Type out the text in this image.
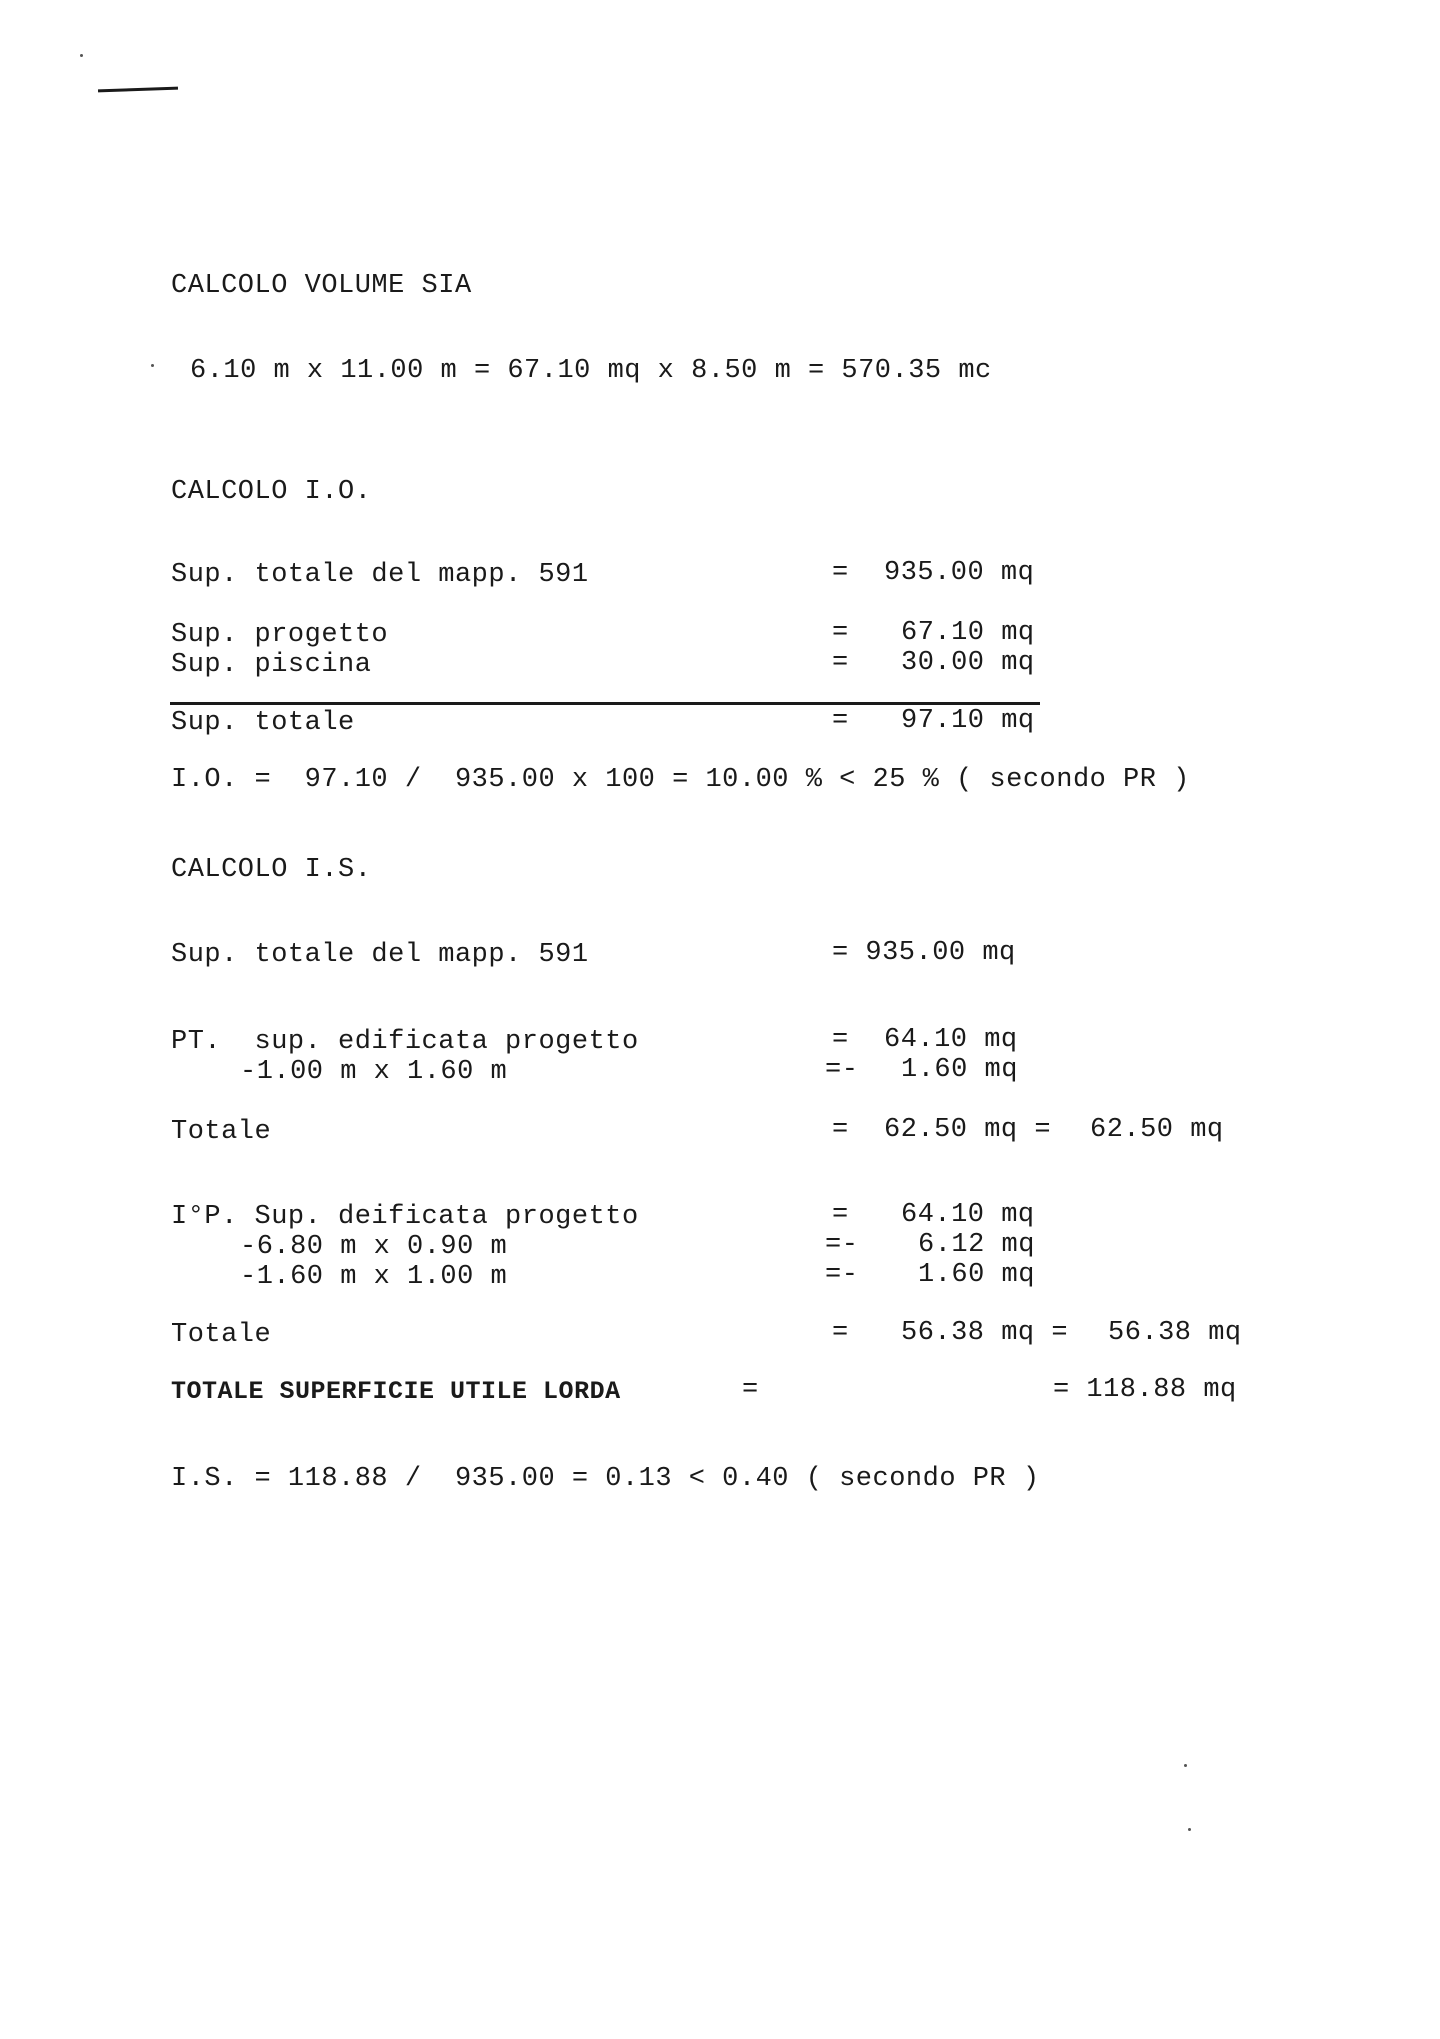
CALCOLO VOLUME SIA
6.10 m x 11.00 m = 67.10 mq x 8.50 m = 570.35 mc
CALCOLO I.O.
Sup. totale del mapp. 591	= 935.00 mq
Sup. progetto	= 67.10 mq
Sup. piscina	= 30.00 mq
Sup. totale	= 97.10 mq
I.O. =  97.10 /  935.00 x 100 = 10.00 % < 25 % ( secondo PR )
CALCOLO I.S.
Sup. totale del mapp. 591	= 935.00 mq
PT.  sup. edificata progetto	= 64.10 mq
-1.00 m x 1.60 m	=- 1.60 mq
Totale	= 62.50 mq = 62.50 mq
I°P. Sup. deificata progetto	= 64.10 mq
-6.80 m x 0.90 m	=- 6.12 mq
-1.60 m x 1.00 m	=- 1.60 mq
Totale	= 56.38 mq = 56.38 mq
TOTALE SUPERFICIE UTILE LORDA	=	= 118.88 mq
I.S. = 118.88 /  935.00 = 0.13 < 0.40 ( secondo PR )
